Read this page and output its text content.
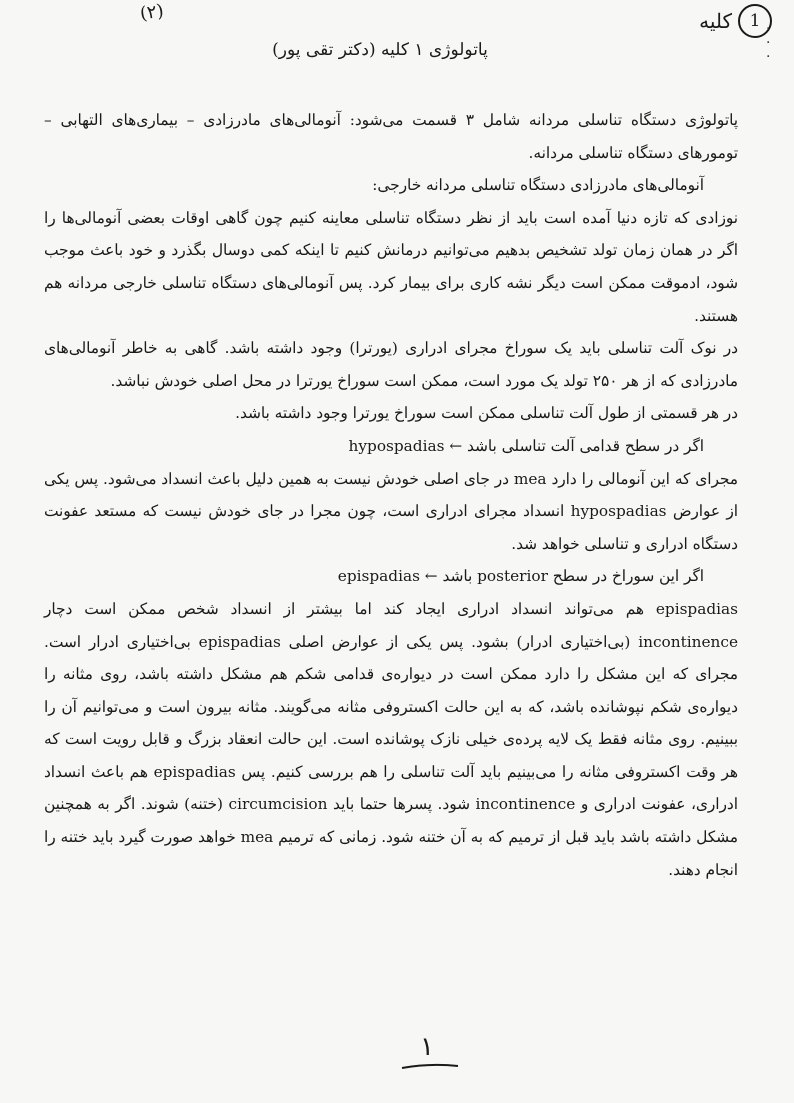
(٢)	1
کلیه ·
·
·
پاتولوژی ۱ کلیه (دکتر تقی پور)

پاتولوژی دستگاه تناسلی مردانه شامل ۳ قسمت می‌شود: آنومالی‌های مادرزادی – بیماری‌های التهابی – تومورهای دستگاه تناسلی مردانه.

آنومالی‌های مادرزادی دستگاه تناسلی مردانه خارجی:

نوزادی که تازه دنیا آمده است باید از نظر دستگاه تناسلی معاینه کنیم چون گاهی اوقات بعضی آنومالی‌ها را اگر در همان زمان تولد تشخیص بدهیم می‌توانیم درمانش کنیم تا اینکه کمی دوسال بگذرد و خود باعث موجب شود، ادموقت ممکن است دیگر نشه کاری برای بیمار کرد. پس آنومالی‌های دستگاه تناسلی خارجی مردانه هم هستند.

در نوک آلت تناسلی باید یک سوراخ مجرای ادراری (یورترا) وجود داشته باشد. گاهی به خاطر آنومالی‌های مادرزادی که از هر ۲۵۰ تولد یک مورد است، ممکن است سوراخ یورترا در محل اصلی خودش نباشد.

در هر قسمتی از طول آلت تناسلی ممکن است سوراخ یورترا وجود داشته باشد.

اگر در سطح قدامی آلت تناسلی باشد ← hypospadias

مجرای که این آنومالی را دارد mea در جای اصلی خودش نیست به همین دلیل باعث انسداد می‌شود. پس یکی از عوارض hypospadias انسداد مجرای ادراری است، چون مجرا در جای خودش نیست که مستعد عفونت دستگاه ادراری و تناسلی خواهد شد.

اگر این سوراخ در سطح posterior باشد ← epispadias

epispadias هم می‌تواند انسداد ادراری ایجاد کند اما بیشتر از انسداد شخص ممکن است دچار incontinence (بی‌اختیاری ادرار) بشود. پس یکی از عوارض اصلی epispadias بی‌اختیاری ادرار است. مجرای که این مشکل را دارد ممکن است در دیواره‌ی قدامی شکم هم مشکل داشته باشد، روی مثانه را دیواره‌ی شکم نپوشانده باشد، که به این حالت اکستروفی مثانه می‌گویند. مثانه بیرون است و می‌توانیم آن را ببینیم. روی مثانه فقط یک لایه پرده‌ی خیلی نازک پوشانده است. این حالت انعقاد بزرگ و قابل رویت است که هر وقت اکستروفی مثانه را می‌بینیم باید آلت تناسلی را هم بررسی کنیم. پس epispadias هم باعث انسداد ادراری، عفونت ادراری و incontinence شود. پسرها حتما باید circumcision (ختنه) شوند. اگر به همچنین مشکل داشته باشد باید قبل از ترمیم که به آن ختنه شود. زمانی که ترمیم mea خواهد صورت گیرد باید ختنه را انجام دهند.

١
